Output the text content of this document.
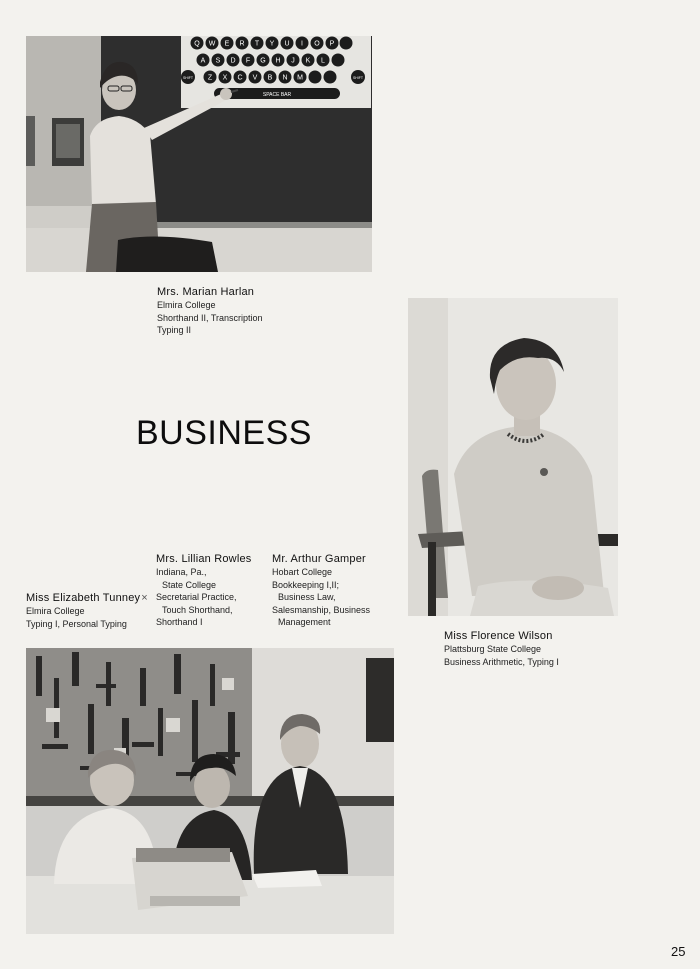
Q W E R T Y U I O P
A S D F G H J K L
Z X C V B N M
SPACE BAR
SHIFT	SHIFT
Mrs. Marian Harlan
Elmira College
Shorthand II, Transcription
Typing II
BUSINESS
Miss Florence Wilson
Plattsburg State College
Business Arithmetic, Typing I
Mrs. Lillian Rowles
Indiana, Pa.,
State College
Secretarial Practice,
Touch Shorthand,
Shorthand I
Mr. Arthur Gamper
Hobart College
Bookkeeping I,II;
Business Law,
Salesmanship, Business
Management
Miss Elizabeth Tunney×
Elmira College
Typing I, Personal Typing
25
